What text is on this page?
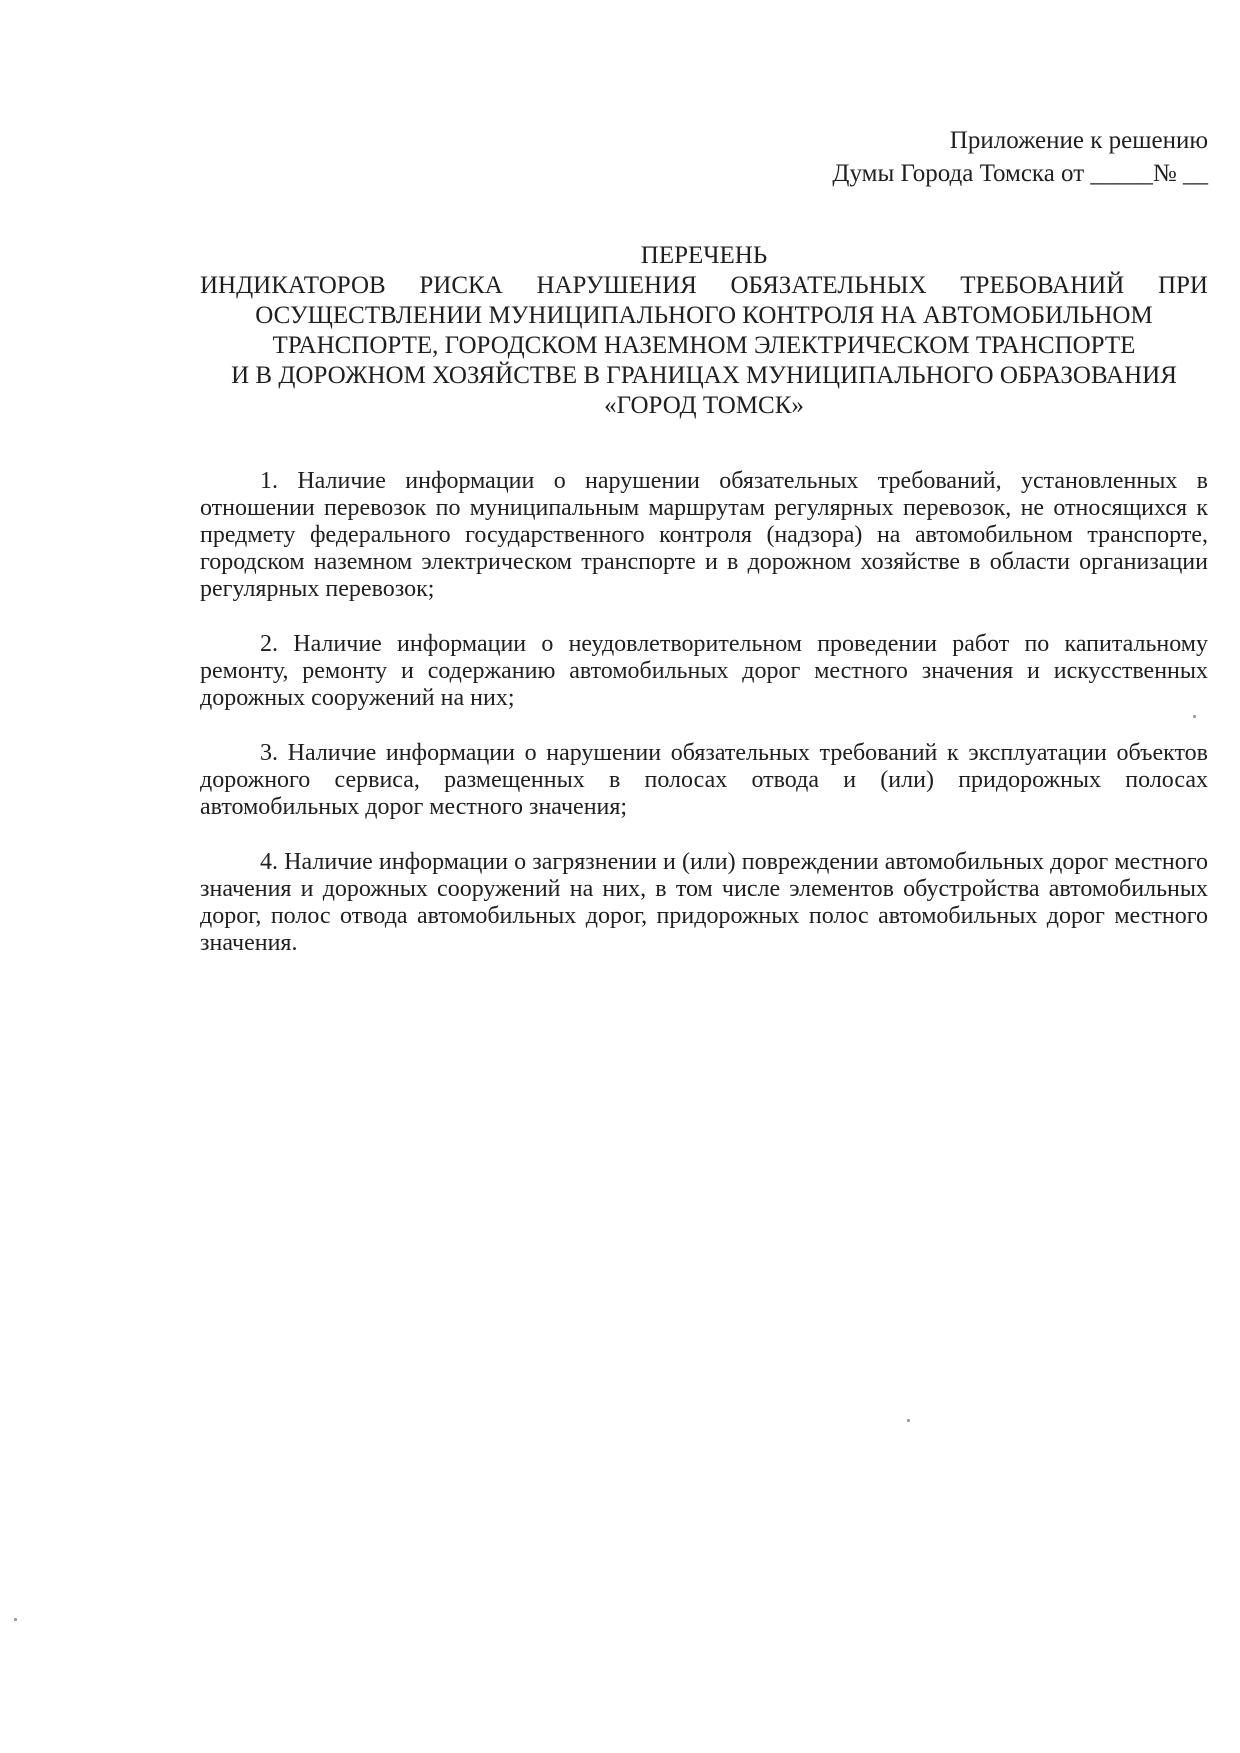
Приложение к решению
Думы Города Томска от _____№ __
ПЕРЕЧЕНЬ
ИНДИКАТОРОВ РИСКА НАРУШЕНИЯ ОБЯЗАТЕЛЬНЫХ ТРЕБОВАНИЙ ПРИ
ОСУЩЕСТВЛЕНИИ МУНИЦИПАЛЬНОГО КОНТРОЛЯ НА АВТОМОБИЛЬНОМ
ТРАНСПОРТЕ, ГОРОДСКОМ НАЗЕМНОМ ЭЛЕКТРИЧЕСКОМ ТРАНСПОРТЕ
И В ДОРОЖНОМ ХОЗЯЙСТВЕ В ГРАНИЦАХ МУНИЦИПАЛЬНОГО ОБРАЗОВАНИЯ
«ГОРОД ТОМСК»

1. Наличие информации о нарушении обязательных требований, установленных в отношении перевозок по муниципальным маршрутам регулярных перевозок, не относящихся к предмету федерального государственного контроля (надзора) на автомобильном транспорте, городском наземном электрическом транспорте и в дорожном хозяйстве в области организации регулярных перевозок;

2. Наличие информации о неудовлетворительном проведении работ по капитальному ремонту, ремонту и содержанию автомобильных дорог местного значения и искусственных дорожных сооружений на них;

3. Наличие информации о нарушении обязательных требований к эксплуатации объектов дорожного сервиса, размещенных в полосах отвода и (или) придорожных полосах автомобильных дорог местного значения;

4. Наличие информации о загрязнении и (или) повреждении автомобильных дорог местного значения и дорожных сооружений на них, в том числе элементов обустройства автомобильных дорог, полос отвода автомобильных дорог, придорожных полос автомобильных дорог местного значения.
